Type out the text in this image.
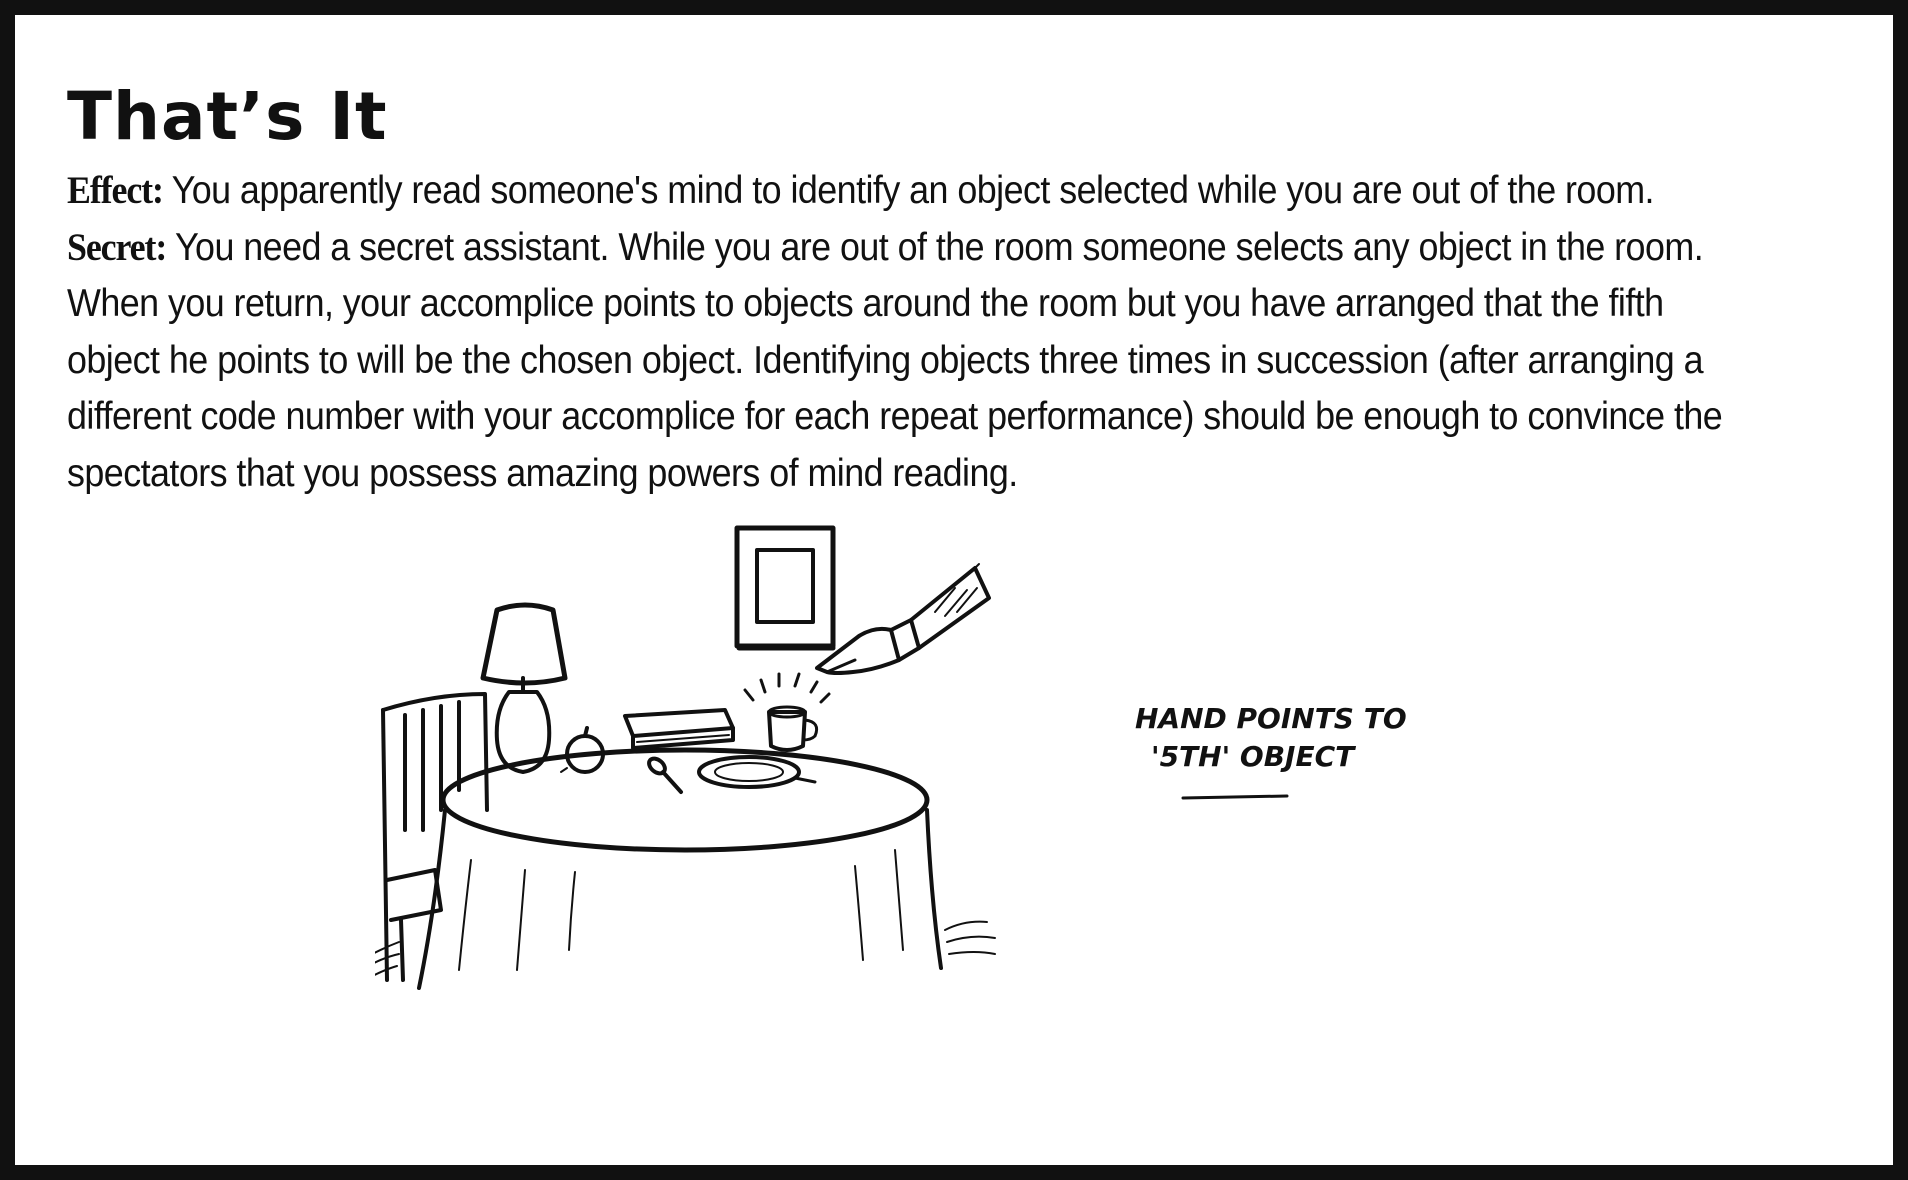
That’s It

Effect: You apparently read someone's mind to identify an object selected while you are out of the room.

Secret: You need a secret assistant. While you are out of the room someone selects any object in the room. When you return, your accomplice points to objects around the room but you have arranged that the fifth object he points to will be the chosen object. Identifying objects three times in succession (after arranging a different code number with your accomplice for each repeat performance) should be enough to convince the spectators that you possess amazing powers of mind reading.

HAND POINTS TO
'5TH' OBJECT
